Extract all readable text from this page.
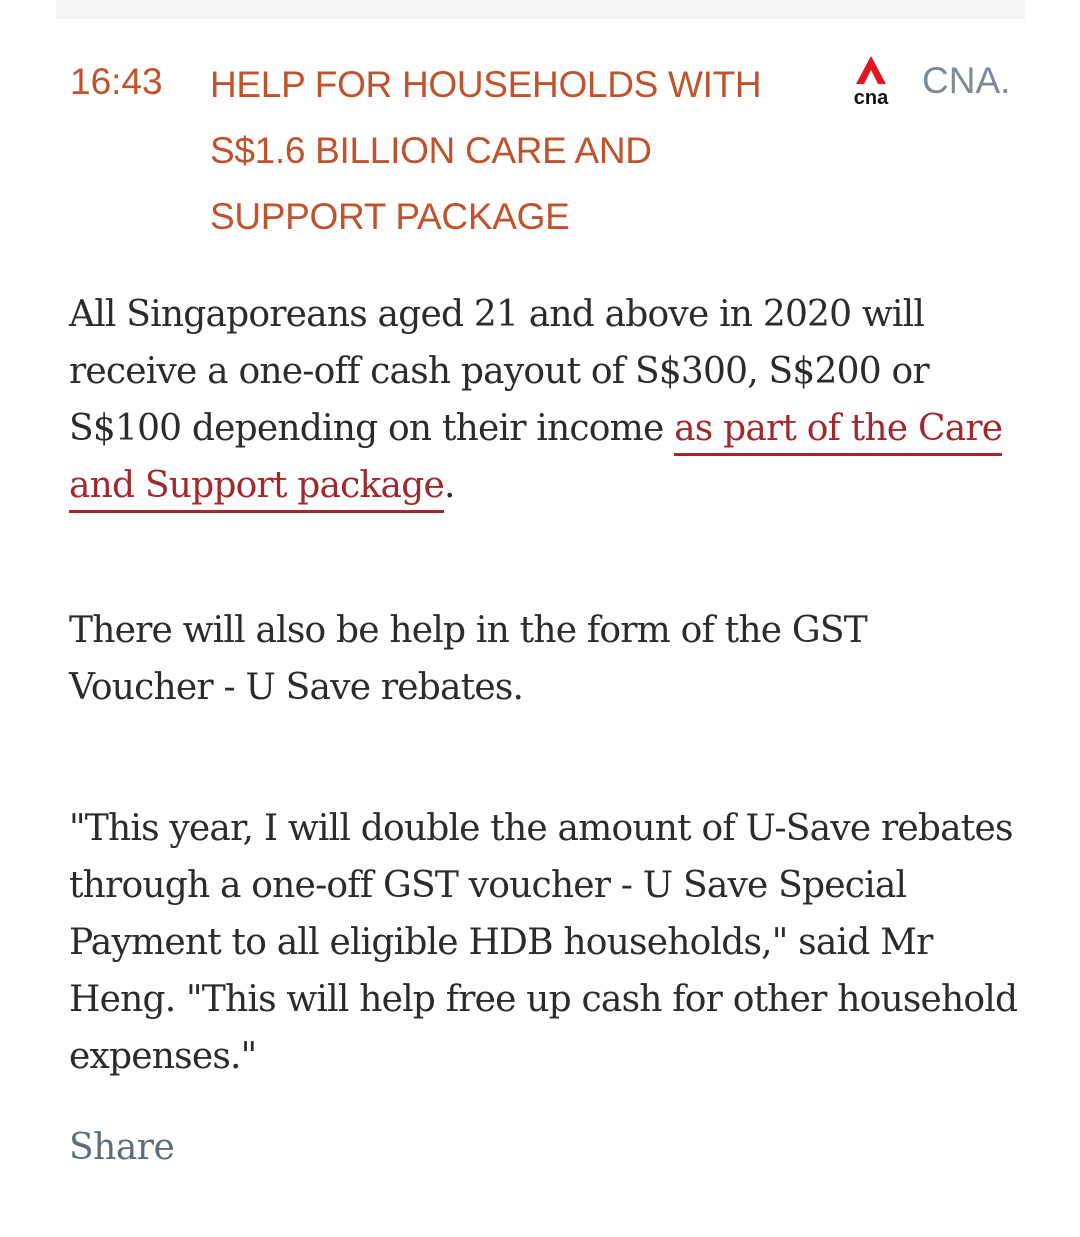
16:43 HELP FOR HOUSEHOLDS WITH S$1.6 BILLION CARE AND SUPPORT PACKAGE
cna CNA.

All Singaporeans aged 21 and above in 2020 will receive a one-off cash payout of S$300, S$200 or S$100 depending on their income as part of the Care and Support package.

There will also be help in the form of the GST Voucher - U Save rebates.

"This year, I will double the amount of U-Save rebates through a one-off GST voucher - U Save Special Payment to all eligible HDB households," said Mr Heng. "This will help free up cash for other household expenses."

Share
